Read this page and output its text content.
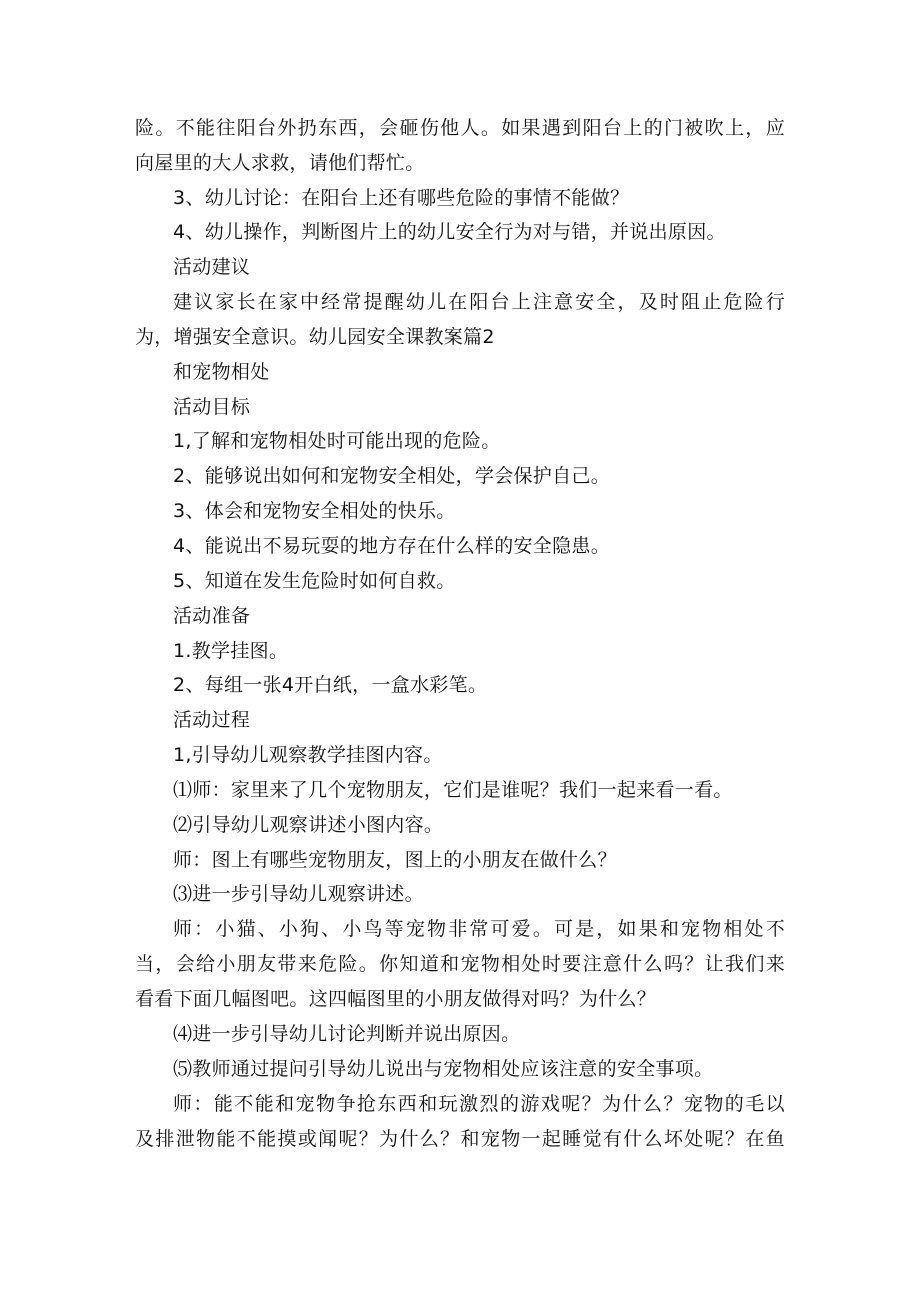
险。不能往阳台外扔东西，会砸伤他人。如果遇到阳台上的门被吹上，应
向屋里的大人求救，请他们帮忙。
3、幼儿讨论：在阳台上还有哪些危险的事情不能做？
4、幼儿操作，判断图片上的幼儿安全行为对与错，并说出原因。
活动建议
建议家长在家中经常提醒幼儿在阳台上注意安全，及时阻止危险行
为，增强安全意识。幼儿园安全课教案篇2
和宠物相处
活动目标
1,了解和宠物相处时可能出现的危险。
2、能够说出如何和宠物安全相处，学会保护自己。
3、体会和宠物安全相处的快乐。
4、能说出不易玩耍的地方存在什么样的安全隐患。
5、知道在发生危险时如何自救。
活动准备
1.教学挂图。
2、每组一张4开白纸，一盒水彩笔。
活动过程
1,引导幼儿观察教学挂图内容。
⑴师：家里来了几个宠物朋友，它们是谁呢？我们一起来看一看。
⑵引导幼儿观察讲述小图内容。
师：图上有哪些宠物朋友，图上的小朋友在做什么？
⑶进一步引导幼儿观察讲述。
师：小猫、小狗、小鸟等宠物非常可爱。可是，如果和宠物相处不
当，会给小朋友带来危险。你知道和宠物相处时要注意什么吗？让我们来
看看下面几幅图吧。这四幅图里的小朋友做得对吗？为什么？
⑷进一步引导幼儿讨论判断并说出原因。
⑸教师通过提问引导幼儿说出与宠物相处应该注意的安全事项。
师：能不能和宠物争抢东西和玩激烈的游戏呢？为什么？宠物的毛以
及排泄物能不能摸或闻呢？为什么？和宠物一起睡觉有什么坏处呢？在鱼
